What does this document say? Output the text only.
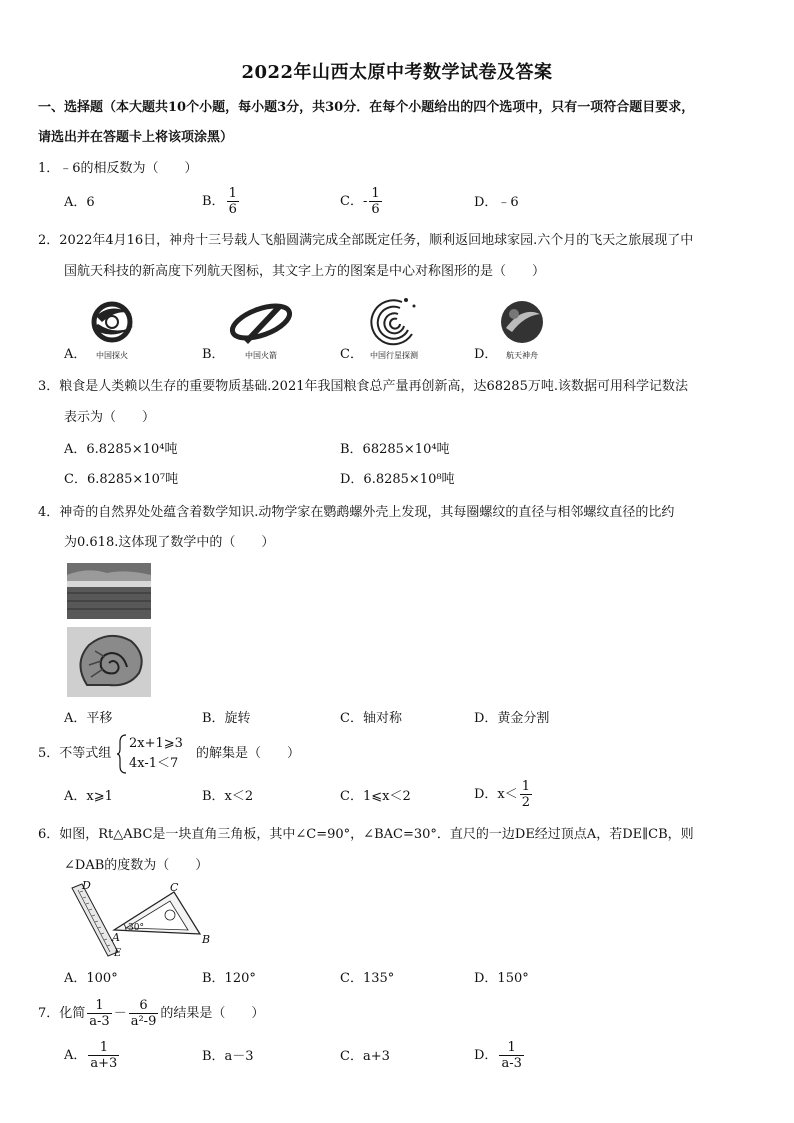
2022年山西太原中考数学试卷及答案
一、选择题（本大题共10个小题，每小题3分，共30分．在每个小题给出的四个选项中，只有一项符合题目要求，
请选出并在答题卡上将该项涂黑）
1．﹣6的相反数为（　　）
A．6	B． $\frac{1}{6}$	C．- $\frac{1}{6}$	D．﹣6
2．2022年4月16日，神舟十三号载人飞船圆满完成全部既定任务，顺利返回地球家园.六个月的飞天之旅展现了中
国航天科技的新高度下列航天图标，其文字上方的图案是中心对称图形的是（　　）
A．	中国探火	B．	中国火箭	C． 中国行星探测	D．	航天神舟
3．粮食是人类赖以生存的重要物质基础.2021年我国粮食总产量再创新高，达68285万吨.该数据可用科学记数法
表示为（　　）
A．6.8285×10⁴吨	B．68285×10⁴吨
C．6.8285×10⁷吨	D．6.8285×10⁸吨
4．神奇的自然界处处蕴含着数学知识.动物学家在鹦鹉螺外壳上发现，其每圈螺纹的直径与相邻螺纹直径的比约
为0.618.这体现了数学中的（　　）
A．平移	B．旋转	C．轴对称	D．黄金分割
5．不等式组
2x+1⩾3
4x-1＜7
的解集是（　　）
A．x⩾1	B．x＜2	C．1⩽x＜2	D．$x< \frac{1}{2}$
6．如图，Rt△ABC是一块直角三角板，其中∠C=90°，∠BAC=30°．直尺的一边DE经过顶点A，若DE∥CB，则
∠DAB的度数为（　　）
D	C
A	B
E
30°
A．100°	B．120°	C．135°	D．150°
7．化简 $\frac{1}{a-3} - \frac{6}{\text{a²-9}}$ 的结果是（　　）
A． $\frac{1}{a+3}$	B．a－3	C．a+3	D． $\frac{1}{a-3}$
